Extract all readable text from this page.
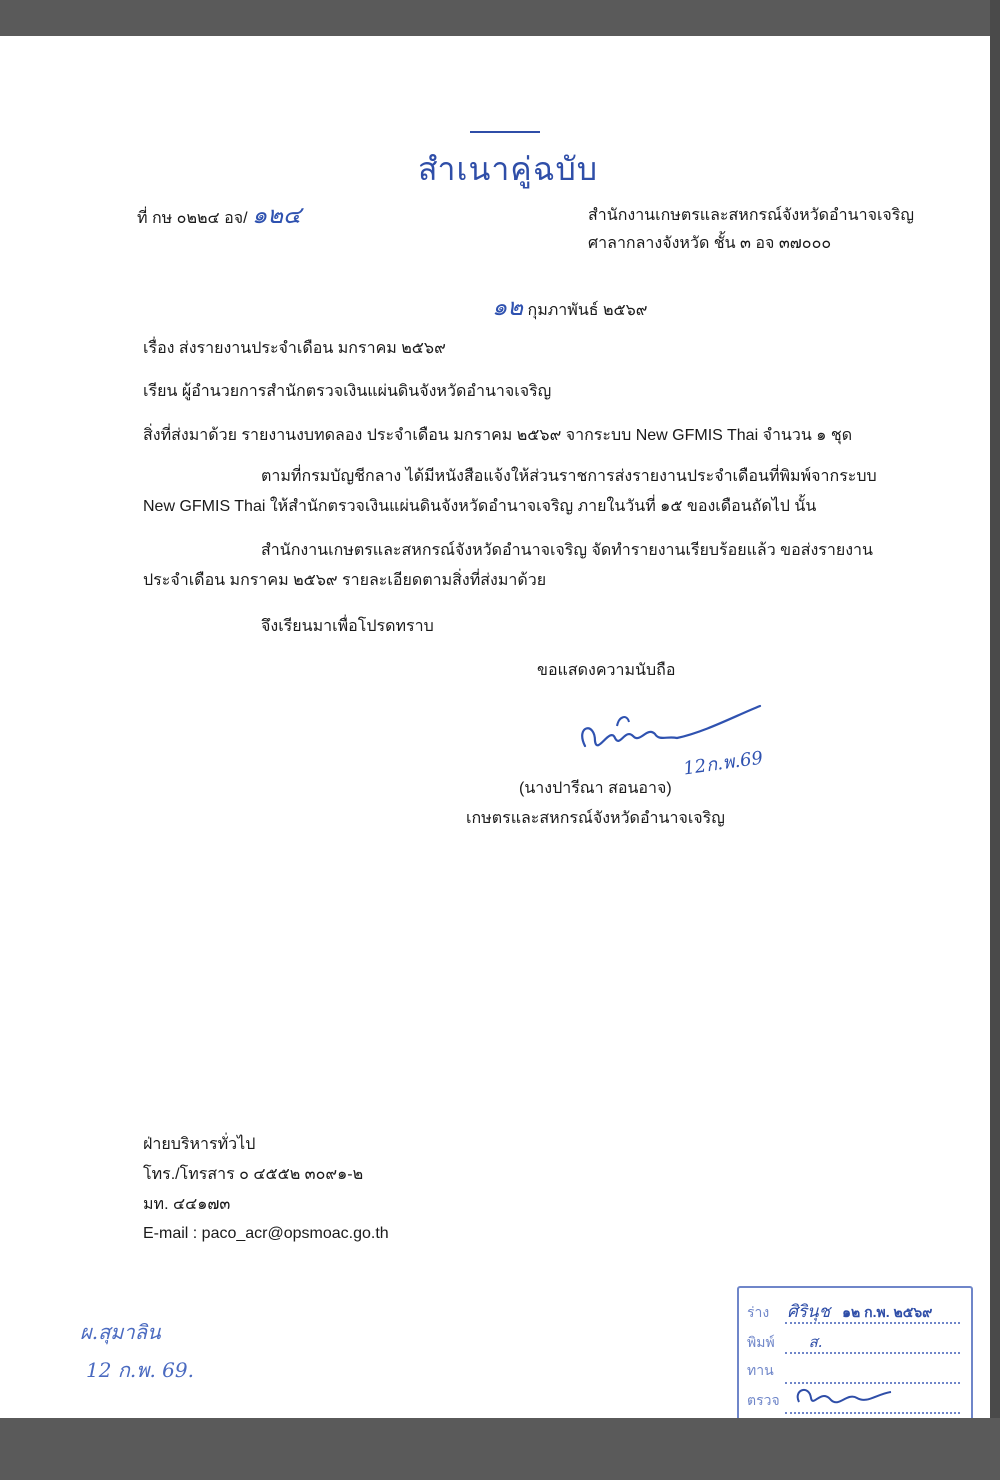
สำเนาคู่ฉบับ
ที่ กษ ๐๒๒๔ อจ/ ๑๒๔	สำนักงานเกษตรและสหกรณ์จังหวัดอำนาจเจริญ
ศาลากลางจังหวัด ชั้น ๓ อจ ๓๗๐๐๐
๑๒ กุมภาพันธ์ ๒๕๖๙
เรื่อง ส่งรายงานประจำเดือน มกราคม ๒๕๖๙
เรียน ผู้อำนวยการสำนักตรวจเงินแผ่นดินจังหวัดอำนาจเจริญ
สิ่งที่ส่งมาด้วย รายงานงบทดลอง ประจำเดือน มกราคม ๒๕๖๙ จากระบบ New GFMIS Thai จำนวน ๑ ชุด
ตามที่กรมบัญชีกลาง ได้มีหนังสือแจ้งให้ส่วนราชการส่งรายงานประจำเดือนที่พิมพ์จากระบบ New GFMIS Thai ให้สำนักตรวจเงินแผ่นดินจังหวัดอำนาจเจริญ ภายในวันที่ ๑๕ ของเดือนถัดไป นั้น
สำนักงานเกษตรและสหกรณ์จังหวัดอำนาจเจริญ จัดทำรายงานเรียบร้อยแล้ว ขอส่งรายงานประจำเดือน มกราคม ๒๕๖๙ รายละเอียดตามสิ่งที่ส่งมาด้วย
จึงเรียนมาเพื่อโปรดทราบ
ขอแสดงความนับถือ
12ก.พ.69
(นางปารีณา สอนอาจ)
เกษตรและสหกรณ์จังหวัดอำนาจเจริญ
ฝ่ายบริหารทั่วไป
โทร./โทรสาร ๐ ๔๕๕๒ ๓๐๙๑-๒
มท. ๔๔๑๗๓
E-mail : paco_acr@opsmoac.go.th
ผ.สุมาลิน
12 ก.พ. 69.
ร่าง ศิรินุช ๑๒ ก.พ. ๒๕๖๙
พิมพ์ ส.
ทาน
ตรวจ
